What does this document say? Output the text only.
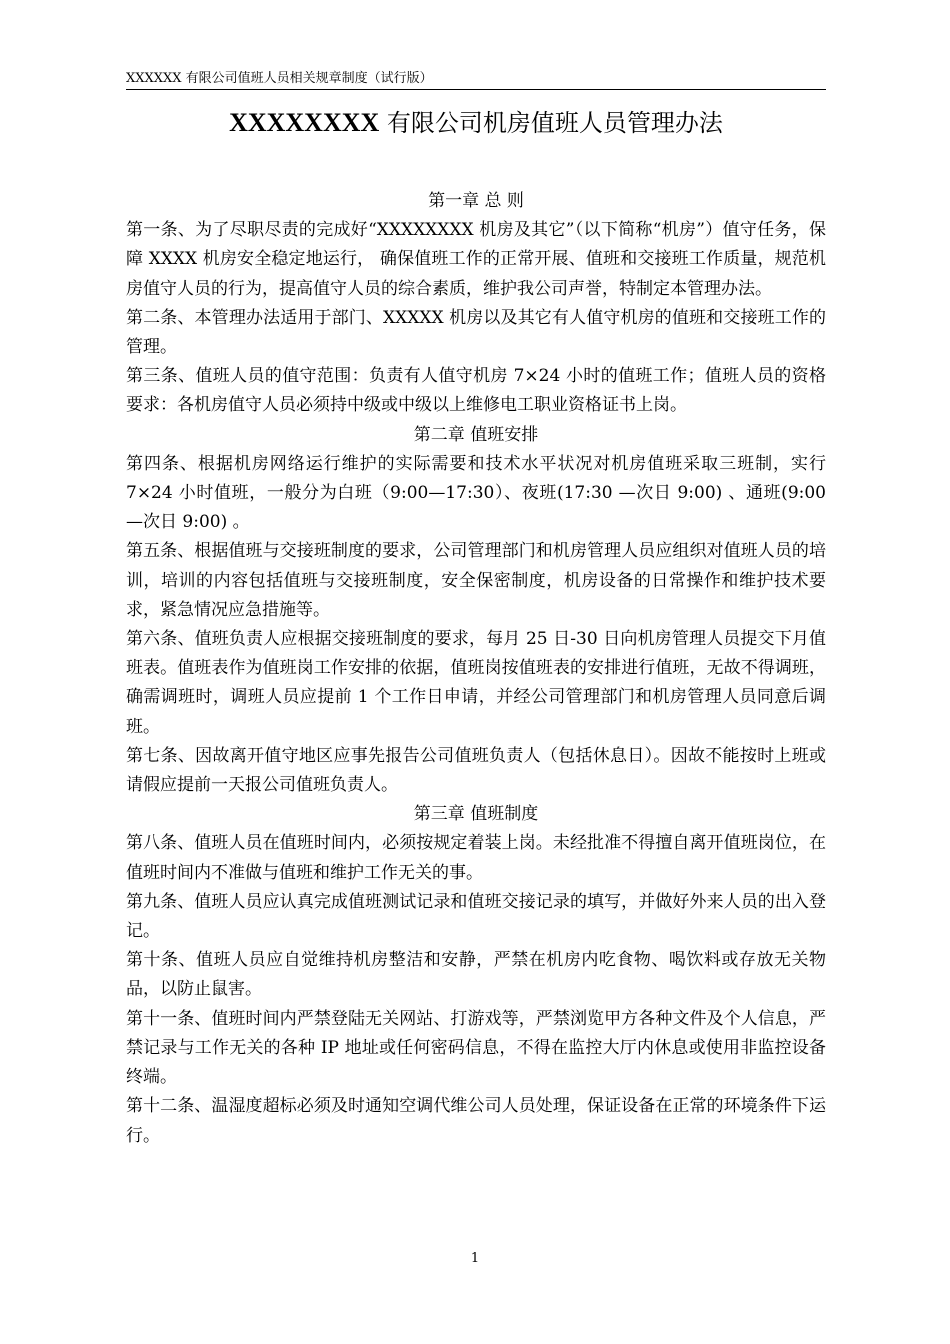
XXXXXX 有限公司值班人员相关规章制度（试行版）
XXXXXXXX 有限公司机房值班人员管理办法
第一章 总 则
第一条、为了尽职尽责的完成好“XXXXXXXX 机房及其它”（以下简称“机房”）值守任务，保障 XXXX 机房安全稳定地运行， 确保值班工作的正常开展、值班和交接班工作质量，规范机房值守人员的行为，提高值守人员的综合素质，维护我公司声誉，特制定本管理办法。
第二条、本管理办法适用于部门、XXXXX 机房以及其它有人值守机房的值班和交接班工作的管理。
第三条、值班人员的值守范围：负责有人值守机房 7×24 小时的值班工作；值班人员的资格要求：各机房值守人员必须持中级或中级以上维修电工职业资格证书上岗。
第二章 值班安排
第四条、根据机房网络运行维护的实际需要和技术水平状况对机房值班采取三班制，实行 7×24 小时值班，一般分为白班（9:00—17:30）、夜班(17:30 —次日 9:00) 、通班(9:00 —次日 9:00) 。
第五条、根据值班与交接班制度的要求，公司管理部门和机房管理人员应组织对值班人员的培训，培训的内容包括值班与交接班制度，安全保密制度，机房设备的日常操作和维护技术要求，紧急情况应急措施等。
第六条、值班负责人应根据交接班制度的要求，每月 25 日-30 日向机房管理人员提交下月值班表。值班表作为值班岗工作安排的依据，值班岗按值班表的安排进行值班，无故不得调班，确需调班时，调班人员应提前 1 个工作日申请，并经公司管理部门和机房管理人员同意后调班。
第七条、因故离开值守地区应事先报告公司值班负责人（包括休息日）。因故不能按时上班或请假应提前一天报公司值班负责人。
第三章 值班制度
第八条、值班人员在值班时间内，必须按规定着装上岗。未经批准不得擅自离开值班岗位，在值班时间内不准做与值班和维护工作无关的事。
第九条、值班人员应认真完成值班测试记录和值班交接记录的填写，并做好外来人员的出入登记。
第十条、值班人员应自觉维持机房整洁和安静，严禁在机房内吃食物、喝饮料或存放无关物品，以防止鼠害。
第十一条、值班时间内严禁登陆无关网站、打游戏等，严禁浏览甲方各种文件及个人信息，严禁记录与工作无关的各种 IP 地址或任何密码信息，不得在监控大厅内休息或使用非监控设备终端。
第十二条、温湿度超标必须及时通知空调代维公司人员处理，保证设备在正常的环境条件下运行。
1
